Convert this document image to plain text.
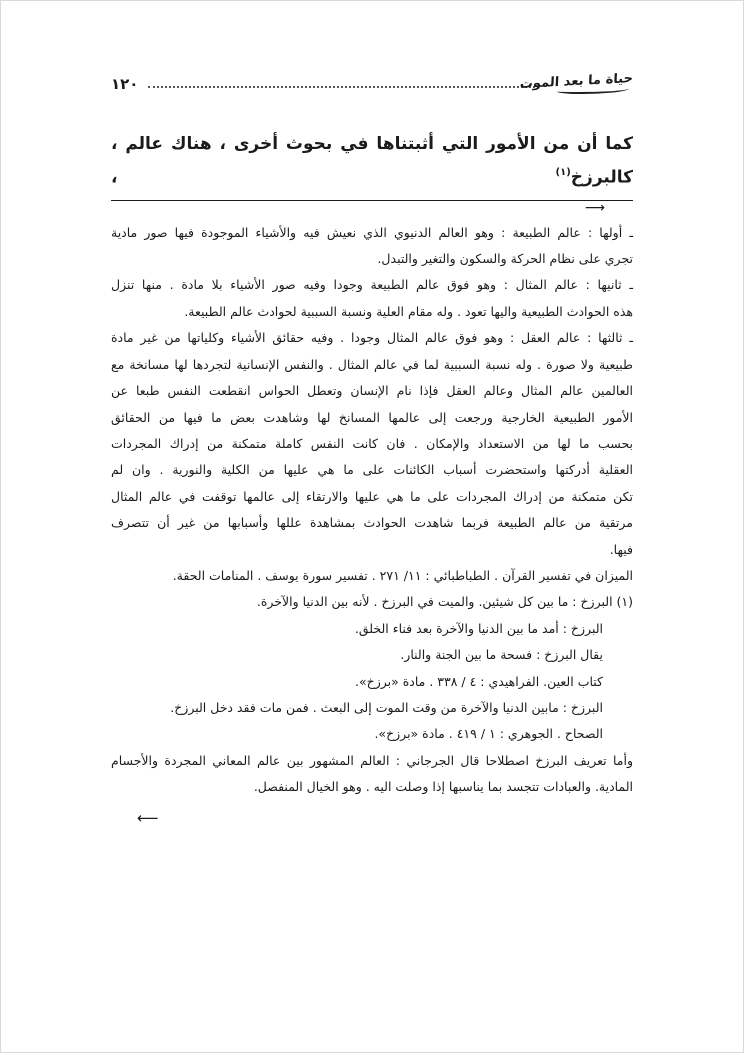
حياة ما بعد الموت
١٢٠
كما أن من الأمور التي أثبتناها في بحوث أخرى ، هناك عالم ، كالبرزخ$^{(١)}$ ،
⟶
ـ أولها : عالم الطبيعة : وهو العالم الدنيوي الذي نعيش فيه والأشياء الموجودة فيها صور مادية
تجري على نظام الحركة والسكون والتغير والتبدل.
ـ ثانيها : عالم المثال : وهو فوق عالم الطبيعة وجودا وفيه صور الأشياء بلا مادة . منها تنزل
هذه الحوادث الطبيعية واليها تعود . وله مقام العلية ونسبة السببية لحوادث عالم الطبيعة.
ـ ثالثها : عالم العقل : وهو فوق عالم المثال وجودا . وفيه حقائق الأشياء وكلياتها من غير مادة
طبيعية ولا صورة . وله نسبة السببية لما في عالم المثال . والنفس الإنسانية لتجردها لها مسانخة مع
العالمين عالم المثال وعالم العقل فإذا نام الإنسان وتعطل الحواس انقطعت النفس طبعا عن
الأمور الطبيعية الخارجية ورجعت إلى عالمها المسانخ لها وشاهدت بعض ما فيها من الحقائق
بحسب ما لها من الاستعداد والإمكان . فان كانت النفس كاملة متمكنة من إدراك المجردات
العقلية أدركتها واستحضرت أسباب الكائنات على ما هي عليها من الكلية والنورية . وان لم
تكن متمكنة من إدراك المجردات على ما هي عليها والارتقاء إلى عالمها توقفت في عالم المثال
مرتقية من عالم الطبيعة فربما شاهدت الحوادث بمشاهدة عللها وأسبابها من غير أن تتصرف
فيها.
الميزان في تفسير القرآن . الطباطبائي : ١١/ ٢٧١ . تفسير سورة يوسف . المنامات الحقة.
(١) البرزخ : ما بين كل شيئين. والميت في البرزخ . لأنه بين الدنيا والآخرة.
البرزخ : أمد ما بين الدنيا والآخرة بعد فناء الخلق.
يقال البرزخ : فسحة ما بين الجنة والنار.
كتاب العين. الفراهيدي : ٤ / ٣٣٨ . مادة «برزخ».
البرزخ : مابين الدنيا والآخرة من وقت الموت إلى البعث . فمن مات فقد دخل البرزخ.
الصحاح . الجوهري : ١ / ٤١٩ . مادة «برزخ».
وأما تعريف البرزخ اصطلاحا قال الجرجاني : العالم المشهور بين عالم المعاني المجردة والأجسام
المادية. والعبادات تتجسد بما يناسبها إذا وصلت اليه . وهو الخيال المنفصل.
⟵
